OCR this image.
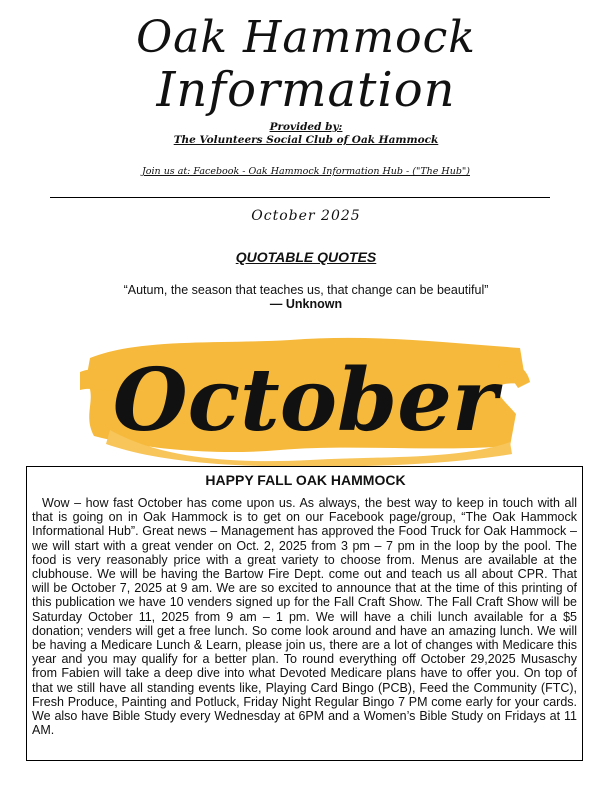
Oak Hammock
Information
Provided by:
The Volunteers Social Club of Oak Hammock
Join us at: Facebook - Oak Hammock Information Hub - ("The Hub")
October 2025
QUOTABLE QUOTES
“Autum, the season that teaches us, that change can be beautiful”
— Unknown
October
HAPPY FALL OAK HAMMOCK

Wow – how fast October has come upon us. As always, the best way to keep in touch with all that is going on in Oak Hammock is to get on our Facebook page/group, “The Oak Hammock Informational Hub”. Great news – Management has approved the Food Truck for Oak Hammock – we will start with a great vender on Oct. 2, 2025 from 3 pm – 7 pm in the loop by the pool. The food is very reasonably price with a great variety to choose from. Menus are available at the clubhouse. We will be having the Bartow Fire Dept. come out and teach us all about CPR. That will be October 7, 2025 at 9 am. We are so excited to announce that at the time of this printing of this publication we have 10 venders signed up for the Fall Craft Show. The Fall Craft Show will be Saturday October 11, 2025 from 9 am – 1 pm. We will have a chili lunch available for a $5 donation; venders will get a free lunch. So come look around and have an amazing lunch. We will be having a Medicare Lunch & Learn, please join us, there are a lot of changes with Medicare this year and you may qualify for a better plan. To round everything off October 29,2025 Musaschy from Fabien will take a deep dive into what Devoted Medicare plans have to offer you. On top of that we still have all standing events like, Playing Card Bingo (PCB), Feed the Community (FTC), Fresh Produce, Painting and Potluck, Friday Night Regular Bingo 7 PM come early for your cards. We also have Bible Study every Wednesday at 6PM and a Women’s Bible Study on Fridays at 11 AM.
